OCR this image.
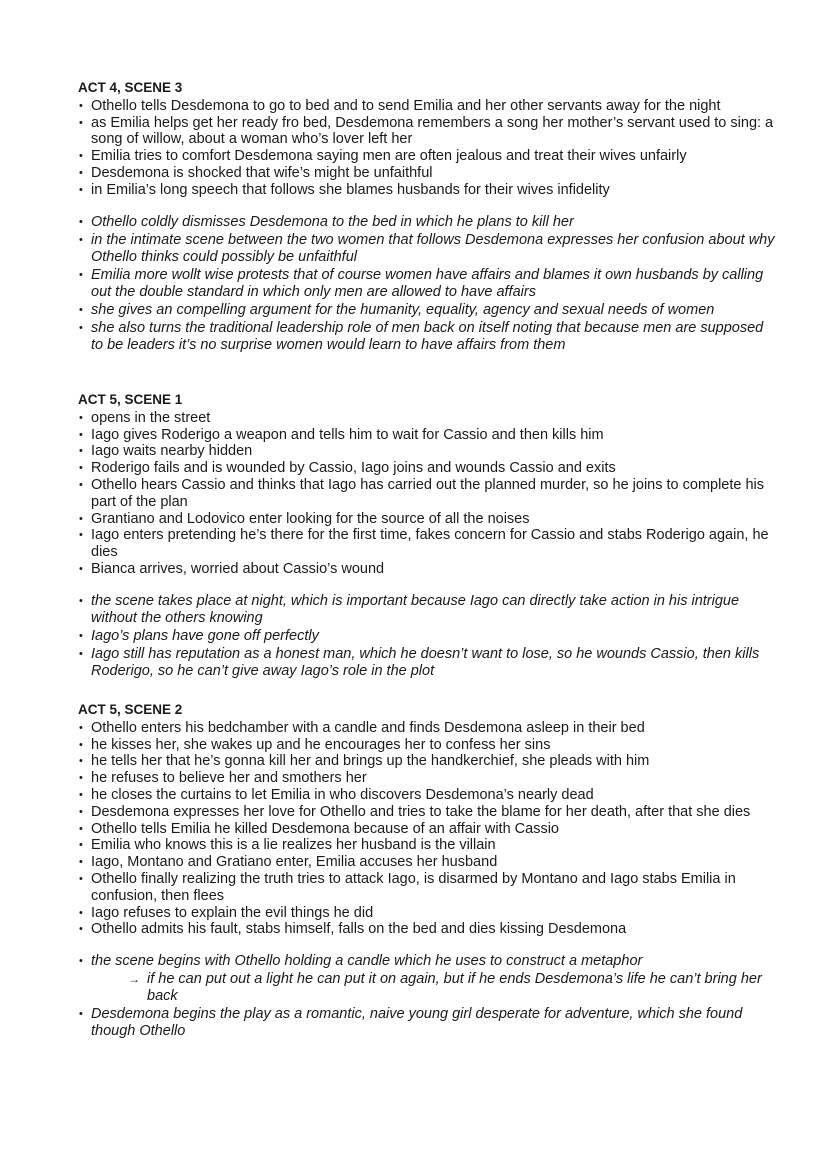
ACT 4, SCENE 3
• Othello tells Desdemona to go to bed and to send Emilia and her other servants away for the night
• as Emilia helps get her ready fro bed, Desdemona remembers a song her mother’s servant used to sing: a song of willow, about a woman who’s lover left her
• Emilia tries to comfort Desdemona saying men are often jealous and treat their wives unfairly
• Desdemona is shocked that wife’s might be unfaithful
• in Emilia’s long speech that follows she blames husbands for their wives infidelity
• Othello coldly dismisses Desdemona to the bed in which he plans to kill her
• in the intimate scene between the two women that follows Desdemona expresses her confusion about why Othello thinks could possibly be unfaithful
• Emilia more wollt wise protests that of course women have affairs and blames it own husbands by calling out the double standard in which only men are allowed to have affairs
• she gives an compelling argument for the humanity, equality, agency and sexual needs of women
• she also turns the traditional leadership role of men back on itself noting that because men are supposed to be leaders it’s no surprise women would learn to have affairs from them
ACT 5, SCENE 1
• opens in the street
• Iago gives Roderigo a weapon and tells him to wait for Cassio and then kills him
• Iago waits nearby hidden
• Roderigo fails and is wounded by Cassio, Iago joins and wounds Cassio and exits
• Othello hears Cassio and thinks that Iago has carried out the planned murder, so he joins to complete his part of the plan
• Grantiano and Lodovico enter looking for the source of all the noises
• Iago enters pretending he’s there for the first time, fakes concern for Cassio and stabs Roderigo again, he dies
• Bianca arrives, worried about Cassio’s wound
• the scene takes place at night, which is important because Iago can directly take action in his intrigue without the others knowing
• Iago’s plans have gone off perfectly
• Iago still has reputation as a honest man, which he doesn’t want to lose, so he wounds Cassio, then kills Roderigo, so he can’t give away Iago’s role in the plot
ACT 5, SCENE 2
• Othello enters his bedchamber with a candle and finds Desdemona asleep in their bed
• he kisses her, she wakes up and he encourages her to confess her sins
• he tells her that he’s gonna kill her and brings up the handkerchief, she pleads with him
• he refuses to believe her and smothers her
• he closes the curtains to let Emilia in who discovers Desdemona’s nearly dead
• Desdemona expresses her love for Othello and tries to take the blame for her death, after that she dies
• Othello tells Emilia he killed Desdemona because of an affair with Cassio
• Emilia who knows this is a lie realizes her husband is the villain
• Iago, Montano and Gratiano enter, Emilia accuses her husband
• Othello finally realizing the truth tries to attack Iago, is disarmed by Montano and Iago stabs Emilia in confusion, then flees
• Iago refuses to explain the evil things he did
• Othello admits his fault, stabs himself, falls on the bed and dies kissing Desdemona
• the scene begins with Othello holding a candle which he uses to construct a metaphor
→ if he can put out a light he can put it on again, but if he ends Desdemona’s life he can’t bring her back
• Desdemona begins the play as a romantic, naive young girl desperate for adventure, which she found though Othello
